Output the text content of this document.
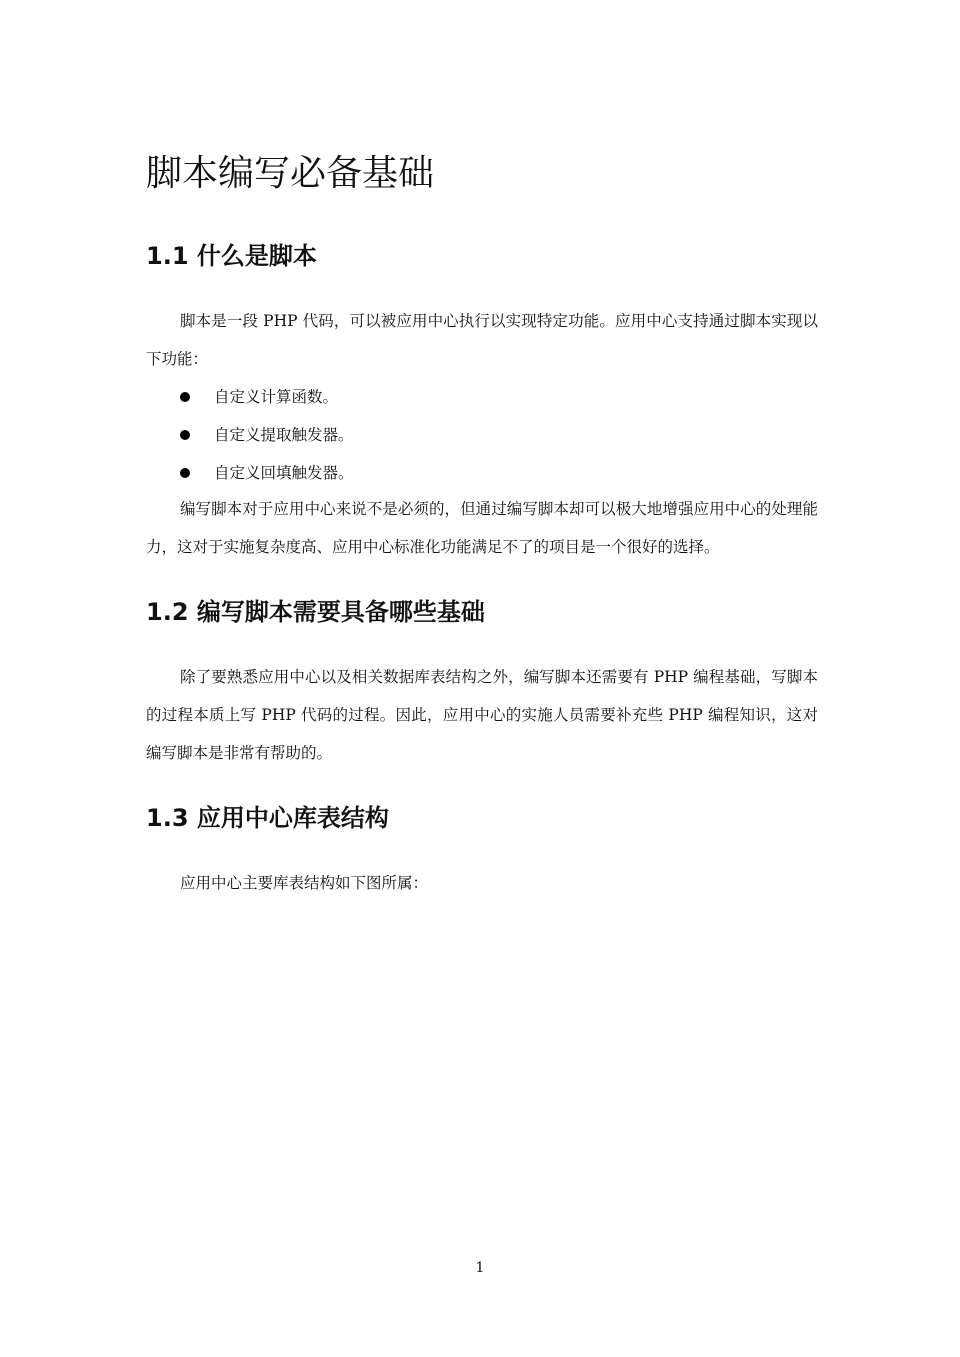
脚本编写必备基础
1.1 什么是脚本

脚本是一段 PHP 代码，可以被应用中心执行以实现特定功能。应用中心支持通过脚本实现以下功能：

自定义计算函数。
自定义提取触发器。
自定义回填触发器。

编写脚本对于应用中心来说不是必须的，但通过编写脚本却可以极大地增强应用中心的处理能力，这对于实施复杂度高、应用中心标准化功能满足不了的项目是一个很好的选择。

1.2 编写脚本需要具备哪些基础

除了要熟悉应用中心以及相关数据库表结构之外，编写脚本还需要有 PHP 编程基础，写脚本的过程本质上写 PHP 代码的过程。因此，应用中心的实施人员需要补充些 PHP 编程知识，这对编写脚本是非常有帮助的。

1.3 应用中心库表结构

应用中心主要库表结构如下图所属：

1
